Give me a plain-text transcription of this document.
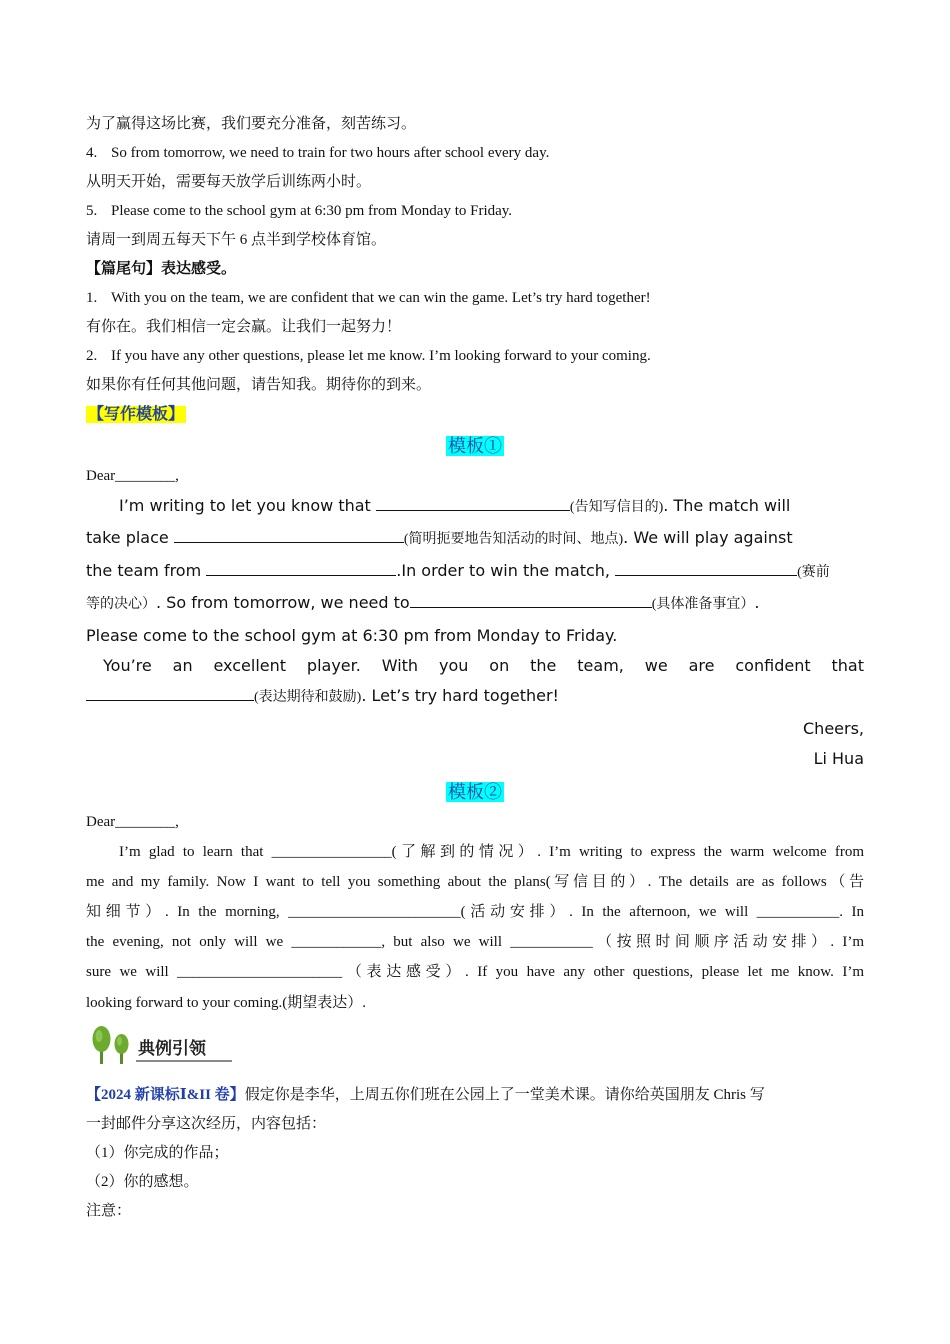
为了赢得这场比赛，我们要充分准备，刻苦练习。
4. So from tomorrow, we need to train for two hours after school every day.
从明天开始，需要每天放学后训练两小时。
5. Please come to the school gym at 6:30 pm from Monday to Friday.
请周一到周五每天下午 6 点半到学校体育馆。
【篇尾句】表达感受。
1. With you on the team, we are confident that we can win the game. Let’s try hard together!
有你在。我们相信一定会赢。让我们一起努力！
2. If you have any other questions, please let me know. I’m looking forward to your coming.
如果你有任何其他问题，请告知我。期待你的到来。
【写作模板】
模板①
Dear________,
I’m writing to let you know that	(告知写信目的). The match will
take place	(简明扼要地告知活动的时间、地点). We will play against
the team from	.In order to win the match,	(赛前
等的决心）. So from tomorrow, we need to	(具体准备事宜）.
Please come to the school gym at 6:30 pm from Monday to Friday.
You’re an excellent player. With you on the team, we are confident that
(表达期待和鼓励). Let’s try hard together!
Cheers,
Li Hua
模板②
Dear________,
I’m glad to learn that ________________(了解到的情况）. I’m writing to express the warm welcome from
me and my family. Now I want to tell you something about the plans(写信目的）. The details are as follows（告
知细节）. In the morning, _______________________(活动安排）. In the afternoon, we will ___________. In
the evening, not only will we ____________, but also we will ___________（按照时间顺序活动安排）. I’m
sure we will ______________________（表达感受）. If you have any other questions, please let me know. I’m
looking forward to your coming.(期望表达）.
典例引领
【2024 新课标Ⅰ&II 卷】假定你是李华，上周五你们班在公园上了一堂美术课。请你给英国朋友 Chris 写
一封邮件分享这次经历，内容包括：
（1）你完成的作品；
（2）你的感想。
注意：
